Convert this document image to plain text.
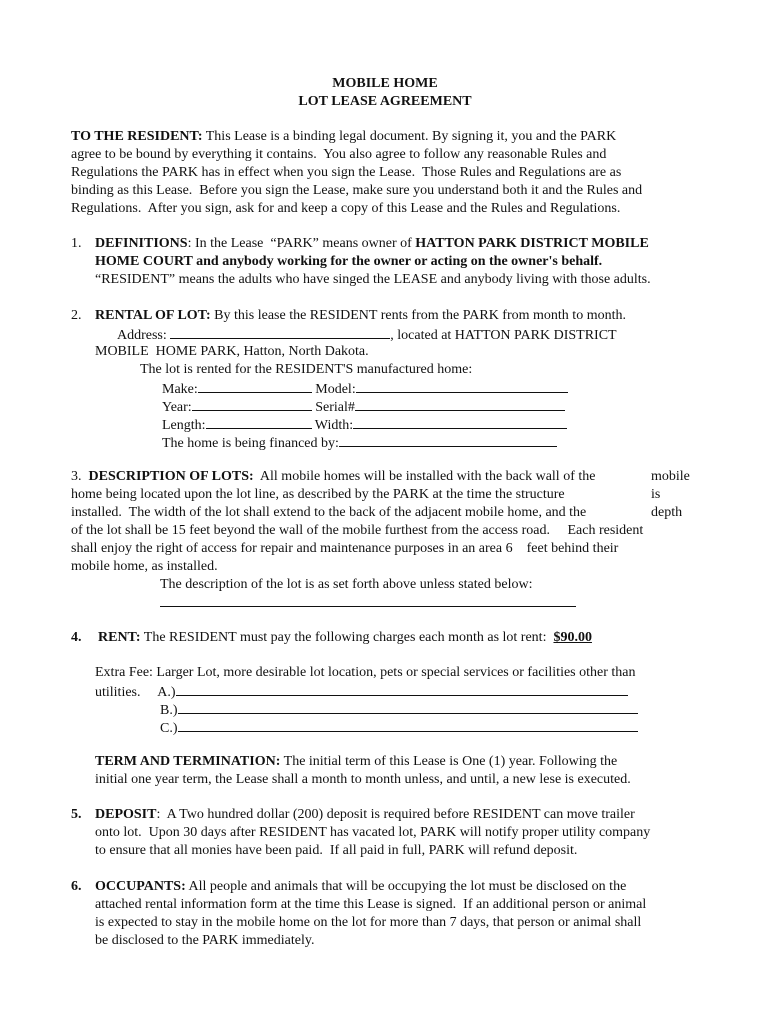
MOBILE HOME
LOT LEASE AGREEMENT
TO THE RESIDENT: This Lease is a binding legal document. By signing it, you and the PARK
agree to be bound by everything it contains.  You also agree to follow any reasonable Rules and
Regulations the PARK has in effect when you sign the Lease.  Those Rules and Regulations are as
binding as this Lease.  Before you sign the Lease, make sure you understand both it and the Rules and
Regulations.  After you sign, ask for and keep a copy of this Lease and the Rules and Regulations.
1. DEFINITIONS: In the Lease  “PARK” means owner of HATTON PARK DISTRICT MOBILE
HOME COURT and anybody working for the owner or acting on the owner's behalf.
“RESIDENT” means the adults who have singed the LEASE and anybody living with those adults.
2. RENTAL OF LOT: By this lease the RESIDENT rents from the PARK from month to month.
Address:	, located at HATTON PARK DISTRICT
MOBILE  HOME PARK, Hatton, North Dakota.
The lot is rented for the RESIDENT'S manufactured home:
Make:	Model:
Year:	Serial#
Length:	Width:
The home is being financed by:
3. DESCRIPTION OF LOTS:  All mobile homes will be installed with the back wall of the	mobile
home being located upon the lot line, as described by the PARK at the time the structure	is
installed.  The width of the lot shall extend to the back of the adjacent mobile home, and the	depth
of the lot shall be 15 feet beyond the wall of the mobile furthest from the access road.     Each resident
shall enjoy the right of access for repair and maintenance purposes in an area 6    feet behind their
mobile home, as installed.
The description of the lot is as set forth above unless stated below:
4. RENT: The RESIDENT must pay the following charges each month as lot rent:  $90.00
Extra Fee: Larger Lot, more desirable lot location, pets or special services or facilities other than
utilities. A.)
B.)
C.)
TERM AND TERMINATION: The initial term of this Lease is One (1) year. Following the
initial one year term, the Lease shall a month to month unless, and until, a new lese is executed.
5. DEPOSIT:  A Two hundred dollar (200) deposit is required before RESIDENT can move trailer
onto lot.  Upon 30 days after RESIDENT has vacated lot, PARK will notify proper utility company
to ensure that all monies have been paid.  If all paid in full, PARK will refund deposit.
6. OCCUPANTS: All people and animals that will be occupying the lot must be disclosed on the
attached rental information form at the time this Lease is signed.  If an additional person or animal
is expected to stay in the mobile home on the lot for more than 7 days, that person or animal shall
be disclosed to the PARK immediately.
